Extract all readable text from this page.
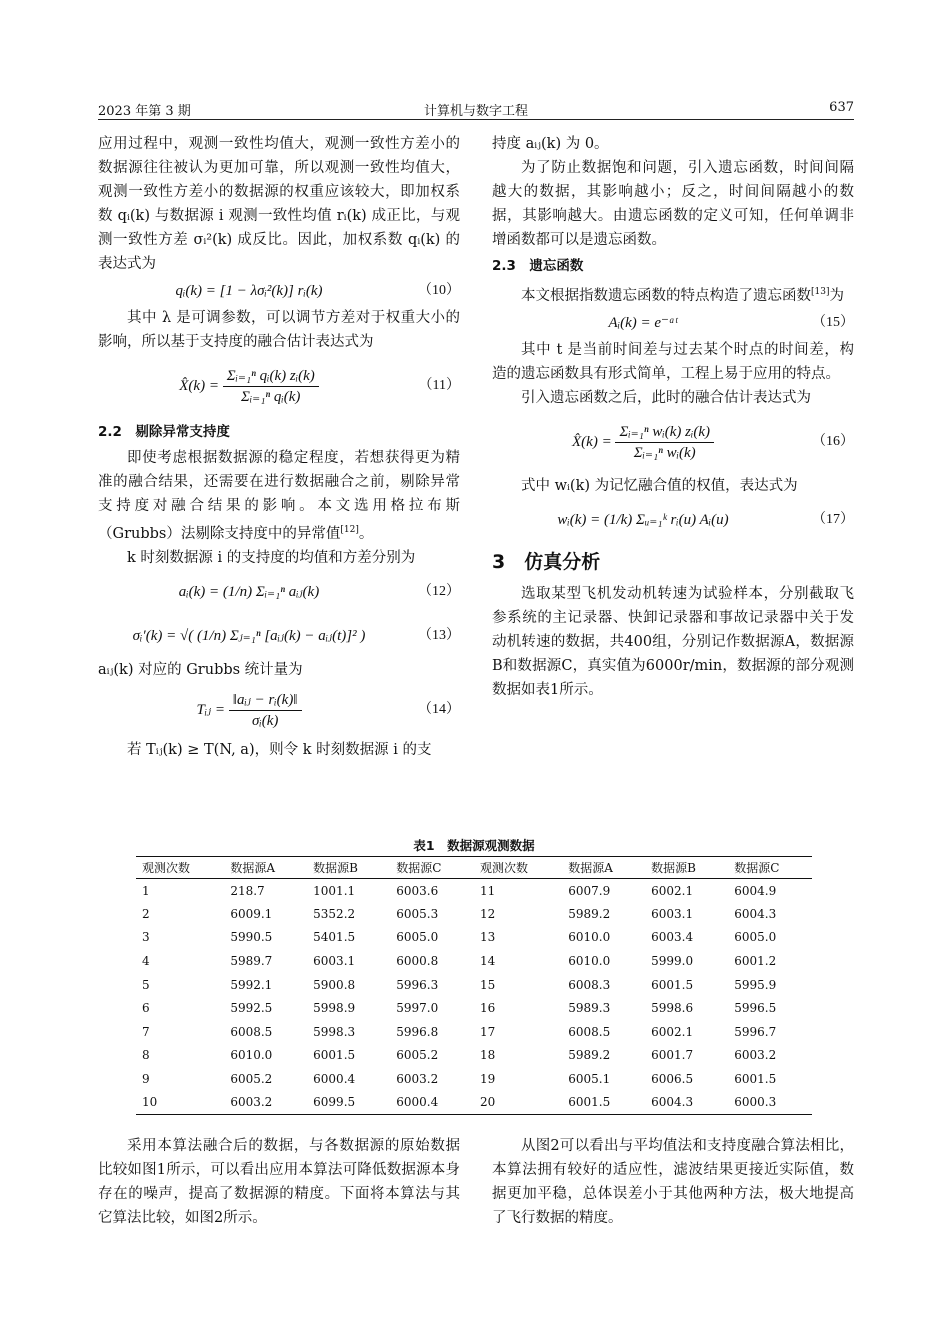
2023 年第 3 期	计算机与数字工程	637

应用过程中，观测一致性均值大，观测一致性方差小的数据源往往被认为更加可靠，所以观测一致性均值大，观测一致性方差小的数据源的权重应该较大，即加权系数 qᵢ(k) 与数据源 i 观测一致性均值 rᵢ(k) 成正比，与观测一致性方差 σᵢ²(k) 成反比。因此，加权系数 qᵢ(k) 的表达式为

qᵢ(k) = [1 − λσᵢ²(k)] rᵢ(k)	（10）

其中 λ 是可调参数，可以调节方差对于权重大小的影响，所以基于支持度的融合估计表达式为

X̂(k) = $\frac{\text{Σᵢ₌₁ⁿ qᵢ(k) zᵢ(k)}}{\text{Σᵢ₌₁ⁿ qᵢ(k)}}$	（11）
2.2　剔除异常支持度

即使考虑根据数据源的稳定程度，若想获得更为精准的融合结果，还需要在进行数据融合之前，剔除异常支持度对融合结果的影响。本文选用格拉布斯（Grubbs）法剔除支持度中的异常值[12]。

k 时刻数据源 i 的支持度的均值和方差分别为

aᵢ(k) = (1/n) Σᵢ₌₁ⁿ aᵢⱼ(k)	（12）
σᵢ′(k) = √( (1/n) Σⱼ₌₁ⁿ [aᵢⱼ(k) − aᵢⱼ(t)]² )	（13）

aᵢⱼ(k) 对应的 Grubbs 统计量为

Tᵢⱼ = $\frac{\text{‖aᵢⱼ − rᵢ(k)‖}}{\text{σᵢ(k)}}$	（14）

若 Tᵢⱼ(k) ≥ T(N, a)，则令 k 时刻数据源 i 的支

持度 aᵢⱼ(k) 为 0。

为了防止数据饱和问题，引入遗忘函数，时间间隔越大的数据，其影响越小；反之，时间间隔越小的数据，其影响越大。由遗忘函数的定义可知，任何单调非增函数都可以是遗忘函数。

2.3　遗忘函数

本文根据指数遗忘函数的特点构造了遗忘函数[13]为

Aᵢ(k) = e⁻ᵃᵗ	（15）

其中 t 是当前时间差与过去某个时点的时间差，构造的遗忘函数具有形式简单，工程上易于应用的特点。

引入遗忘函数之后，此时的融合估计表达式为

X̂(k) = $\frac{\text{Σᵢ₌₁ⁿ wᵢ(k) zᵢ(k)}}{\text{Σᵢ₌₁ⁿ wᵢ(k)}}$	（16）

式中 wᵢ(k) 为记忆融合值的权值，表达式为

wᵢ(k) = (1/k) Σᵤ₌₁ᵏ rᵢ(u) Aᵢ(u)	（17）
3　仿真分析

选取某型飞机发动机转速为试验样本，分别截取飞参系统的主记录器、快卸记录器和事故记录器中关于发动机转速的数据，共400组，分别记作数据源A，数据源B和数据源C，真实值为6000r/min，数据源的部分观测数据如表1所示。

表1　数据源观测数据
观测次数	数据源A	数据源B	数据源C	观测次数	数据源A	数据源B	数据源C
1	218.7	1001.1	6003.6	11	6007.9	6002.1	6004.9
2	6009.1	5352.2	6005.3	12	5989.2	6003.1	6004.3
3	5990.5	5401.5	6005.0	13	6010.0	6003.4	6005.0
4	5989.7	6003.1	6000.8	14	6010.0	5999.0	6001.2
5	5992.1	5900.8	5996.3	15	6008.3	6001.5	5995.9
6	5992.5	5998.9	5997.0	16	5989.3	5998.6	5996.5
7	6008.5	5998.3	5996.8	17	6008.5	6002.1	5996.7
8	6010.0	6001.5	6005.2	18	5989.2	6001.7	6003.2
9	6005.2	6000.4	6003.2	19	6005.1	6006.5	6001.5
10	6003.2	6099.5	6000.4	20	6001.5	6004.3	6000.3

采用本算法融合后的数据，与各数据源的原始数据比较如图1所示，可以看出应用本算法可降低数据源本身存在的噪声，提高了数据源的精度。下面将本算法与其它算法比较，如图2所示。

从图2可以看出与平均值法和支持度融合算法相比，本算法拥有较好的适应性，滤波结果更接近实际值，数据更加平稳，总体误差小于其他两种方法，极大地提高了飞行数据的精度。
